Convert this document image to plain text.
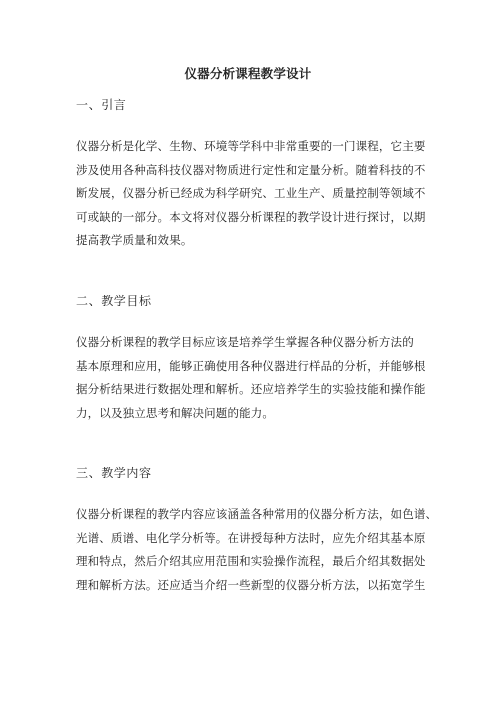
仪器分析课程教学设计
一、引言
仪器分析是化学、生物、环境等学科中非常重要的一门课程，它主要
涉及使用各种高科技仪器对物质进行定性和定量分析。随着科技的不
断发展，仪器分析已经成为科学研究、工业生产、质量控制等领域不
可或缺的一部分。本文将对仪器分析课程的教学设计进行探讨，以期
提高教学质量和效果。
二、教学目标
仪器分析课程的教学目标应该是培养学生掌握各种仪器分析方法的
基本原理和应用，能够正确使用各种仪器进行样品的分析，并能够根
据分析结果进行数据处理和解析。还应培养学生的实验技能和操作能
力，以及独立思考和解决问题的能力。
三、教学内容
仪器分析课程的教学内容应该涵盖各种常用的仪器分析方法，如色谱、
光谱、质谱、电化学分析等。在讲授每种方法时，应先介绍其基本原
理和特点，然后介绍其应用范围和实验操作流程，最后介绍其数据处
理和解析方法。还应适当介绍一些新型的仪器分析方法，以拓宽学生
